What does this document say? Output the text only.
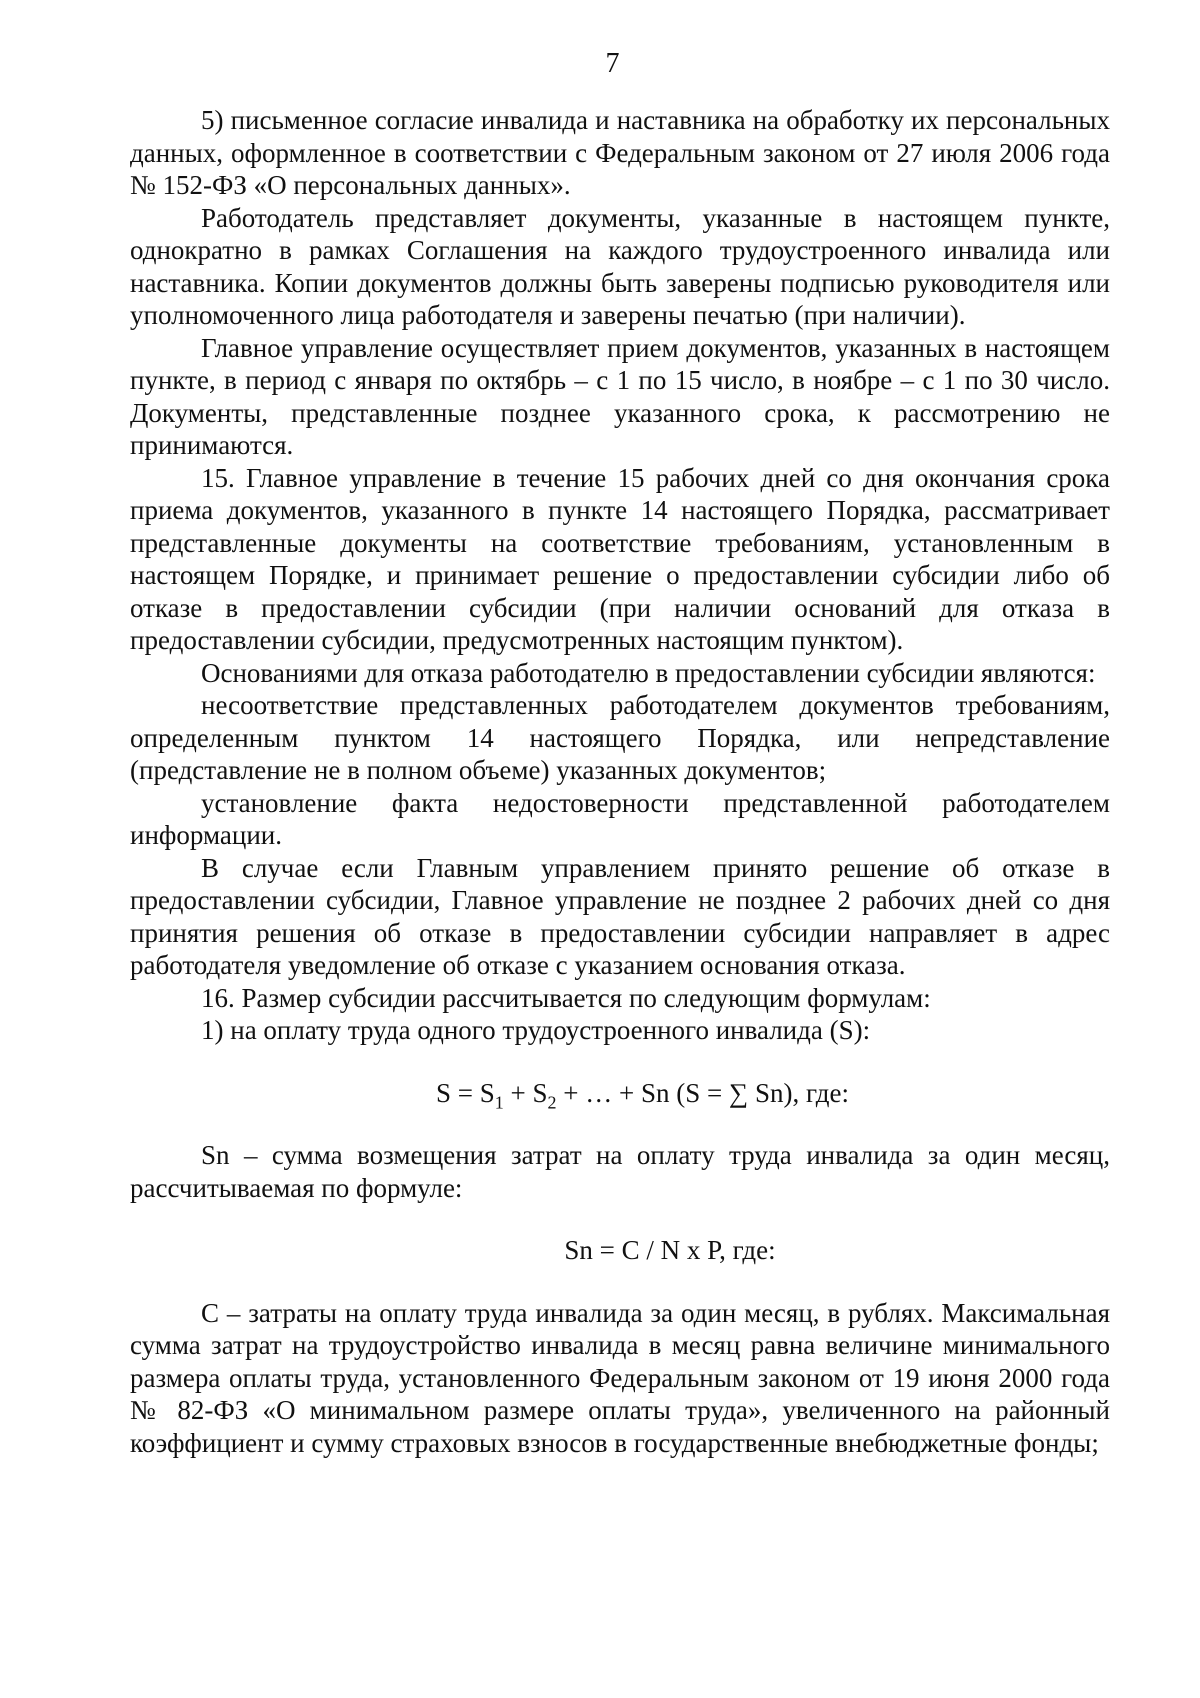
7

5) письменное согласие инвалида и наставника на обработку их персональных данных, оформленное в соответствии с Федеральным законом от 27 июля 2006 года № 152-ФЗ «О персональных данных».

Работодатель представляет документы, указанные в настоящем пункте, однократно в рамках Соглашения на каждого трудоустроенного инвалида или наставника. Копии документов должны быть заверены подписью руководителя или уполномоченного лица работодателя и заверены печатью (при наличии).

Главное управление осуществляет прием документов, указанных в настоящем пункте, в период с января по октябрь – с 1 по 15 число, в ноябре – с 1 по 30 число. Документы, представленные позднее указанного срока, к рассмотрению не принимаются.

15. Главное управление в течение 15 рабочих дней со дня окончания срока приема документов, указанного в пункте 14 настоящего Порядка, рассматривает представленные документы на соответствие требованиям, установленным в настоящем Порядке, и принимает решение о предоставлении субсидии либо об отказе в предоставлении субсидии (при наличии оснований для отказа в предоставлении субсидии, предусмотренных настоящим пунктом).

Основаниями для отказа работодателю в предоставлении субсидии являются:

несоответствие представленных работодателем документов требованиям, определенным пунктом 14 настоящего Порядка, или непредставление (представление не в полном объеме) указанных документов;

установление факта недостоверности представленной работодателем информации.

В случае если Главным управлением принято решение об отказе в предоставлении субсидии, Главное управление не позднее 2 рабочих дней со дня принятия решения об отказе в предоставлении субсидии направляет в адрес работодателя уведомление об отказе с указанием основания отказа.

16. Размер субсидии рассчитывается по следующим формулам:

1) на оплату труда одного трудоустроенного инвалида (S):

$S = S_1 + S_2$ + … + Sn (S = ∑ Sn), где:

Sn – сумма возмещения затрат на оплату труда инвалида за один месяц, рассчитываемая по формуле:

Sn = C / N x P, где:

C – затраты на оплату труда инвалида за один месяц, в рублях. Максимальная сумма затрат на трудоустройство инвалида в месяц равна величине минимального размера оплаты труда, установленного Федеральным законом от 19 июня 2000 года № 82-ФЗ «О минимальном размере оплаты труда», увеличенного на районный коэффициент и сумму страховых взносов в государственные внебюджетные фонды;
